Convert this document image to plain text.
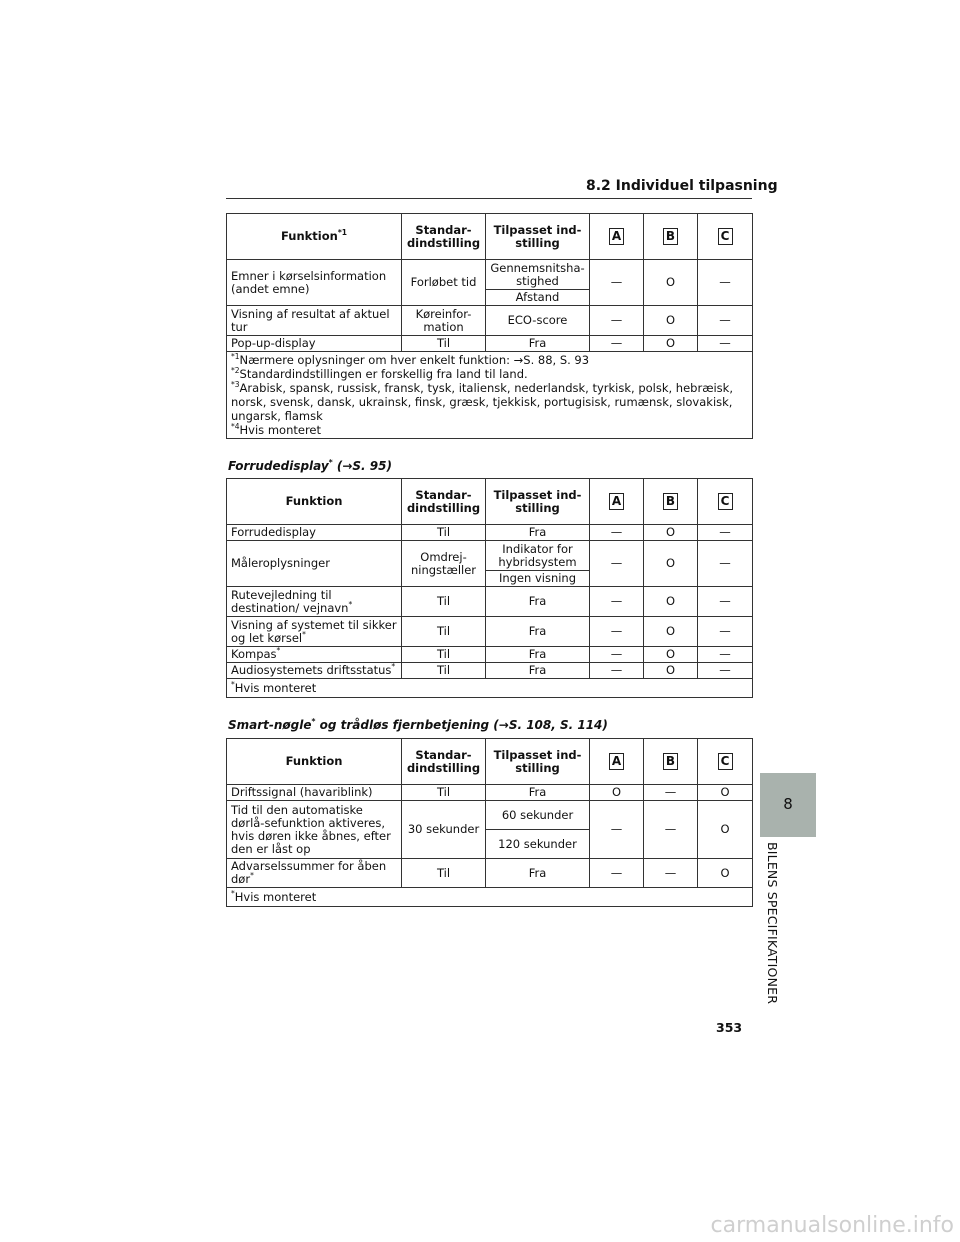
8.2 Individuel tilpasning
Funktion$^{*1}$	Standar-dindstilling	Tilpasset ind-stilling	A	B	C
Emner i kørselsinformation (andet emne)	Forløbet tid	Gennemsnitsha-stighed	—	O	—
		Afstand			
Visning af resultat af aktuel tur	Køreinfor-mation	ECO-score	—	O	—
Pop-up-display	Til	Fra	—	O	—

$^{*1}$Nærmere oplysninger om hver enkelt funktion: →S. 88, S. 93
$^{*2}$Standardindstillingen er forskellig fra land til land.
$^{*3}$Arabisk, spansk, russisk, fransk, tysk, italiensk, nederlandsk, tyrkisk, polsk, hebræisk, norsk, svensk, dansk, ukrainsk, finsk, græsk, tjekkisk, portugisisk, rumænsk, slovakisk, ungarsk, flamsk
$^{*4}$Hvis monteret					
Forrudedisplay* (→S. 95)
Funktion	Standar-dindstilling	Tilpasset ind-stilling	A	B	C
Forrudedisplay	Til	Fra	—	O	—
Måleroplysninger	Omdrej-ningstæller	Indikator for hybridsystem	—	O	—
		Ingen visning			
Rutevejledning til destination/ vejnavn*	Til	Fra	—	O	—
Visning af systemet til sikker og let kørsel*	Til	Fra	—	O	—
Kompas*	Til	Fra	—	O	—
Audiosystemets driftsstatus*	Til	Fra	—	O	—
*Hvis monteret					
Smart-nøgle* og trådløs fjernbetjening (→S. 108, S. 114)
Funktion	Standar-dindstilling	Tilpasset ind-stilling	A	B	C
Driftssignal (havariblink)	Til	Fra	O	—	O
Tid til den automatiske dørlå-sefunktion aktiveres, hvis døren ikke åbnes, efter den er låst op	30 sekunder	60 sekunder	—	—	O
		120 sekunder			
Advarselssummer for åben dør*	Til	Fra	—	—	O
*Hvis monteret					
8
BILENS SPECIFIKATIONER
353
carmanualsonline.info
